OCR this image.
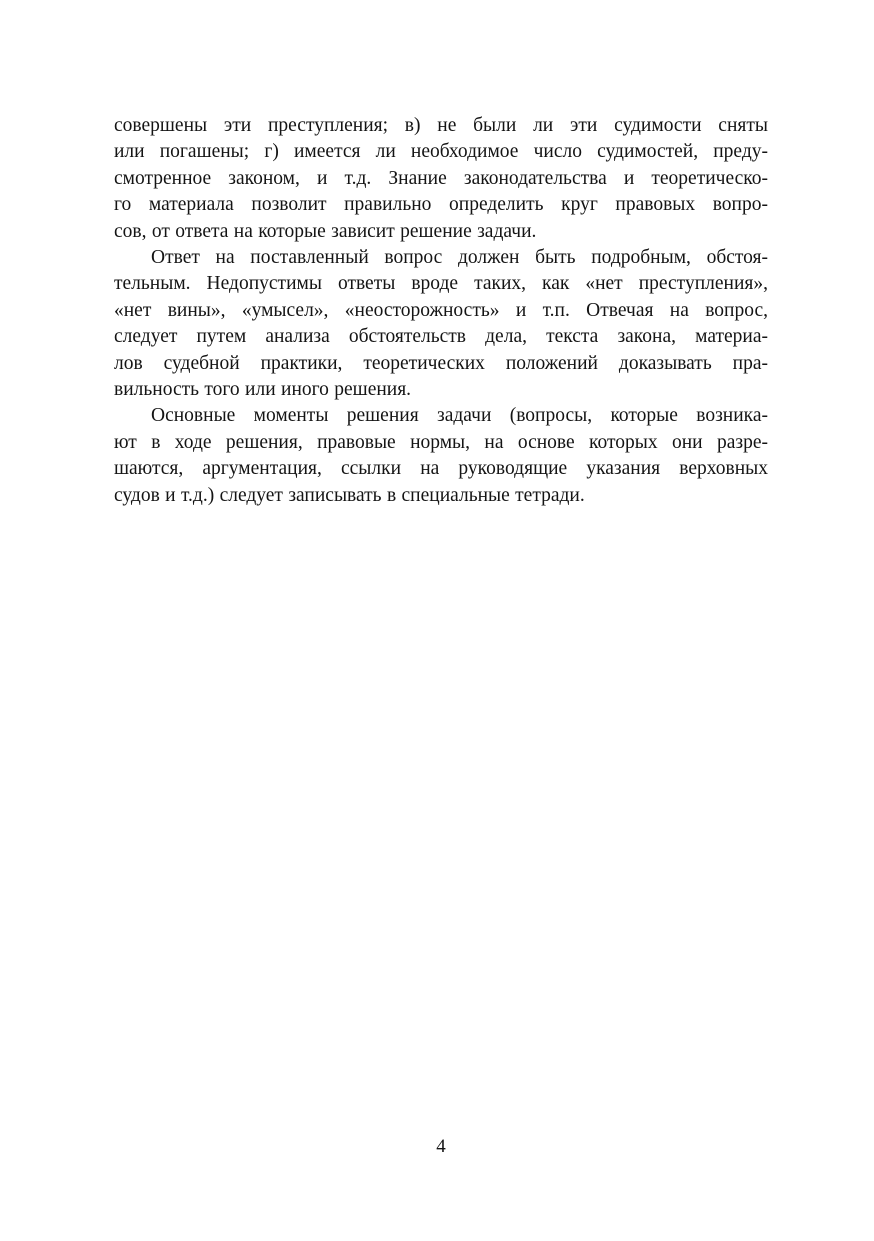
совершены эти преступления; в) не были ли эти судимости сняты
или погашены; г) имеется ли необходимое число судимостей, преду-
смотренное законом, и т.д. Знание законодательства и теоретическо-
го материала позволит правильно определить круг правовых вопро-
сов, от ответа на которые зависит решение задачи.
Ответ на поставленный вопрос должен быть подробным, обстоя-
тельным. Недопустимы ответы вроде таких, как «нет преступления»,
«нет вины», «умысел», «неосторожность» и т.п. Отвечая на вопрос,
следует путем анализа обстоятельств дела, текста закона, материа-
лов судебной практики, теоретических положений доказывать пра-
вильность того или иного решения.
Основные моменты решения задачи (вопросы, которые возника-
ют в ходе решения, правовые нормы, на основе которых они разре-
шаются, аргументация, ссылки на руководящие указания верховных
судов и т.д.) следует записывать в специальные тетради.
4
